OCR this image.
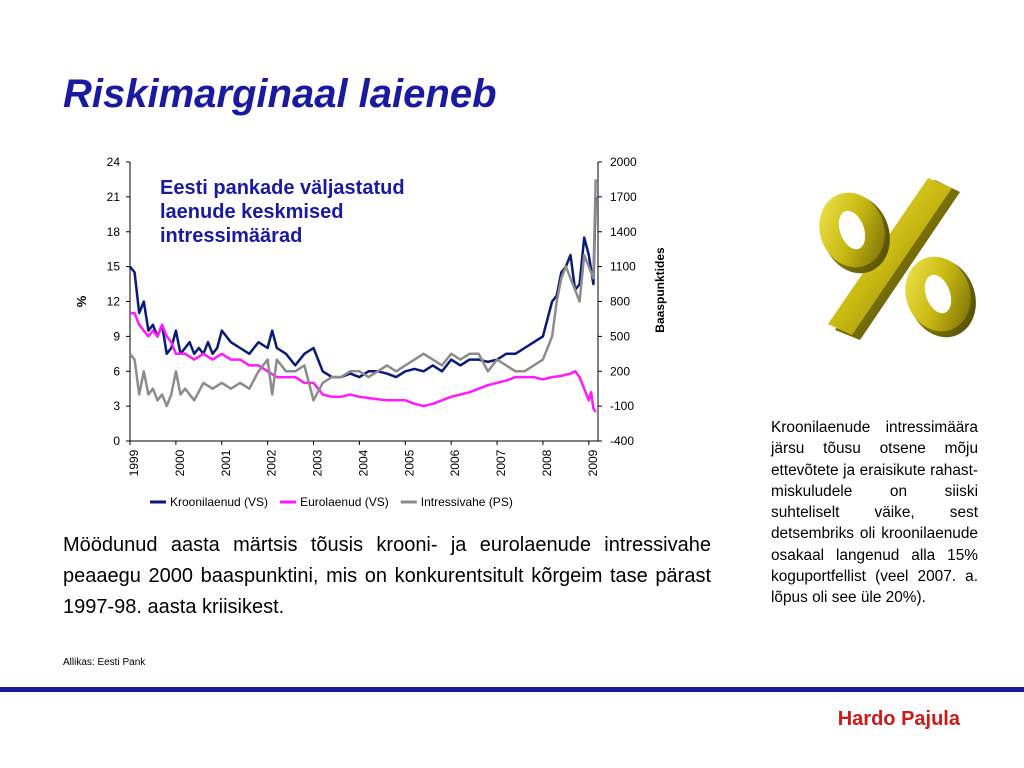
Riskimarginaal laieneb
0
3
6
9
12
15
18
21
24
-400
-100
200
500
800
1100
1400
1700
2000
1999	2000	2001	2002	2003	2004	2005	2006	2007	2008	2009
%	Baaspunktides
Kroonilaenud (VS)	Eurolaenud (VS)	Intressivahe (PS)

Eesti pankade väljastatud
laenude keskmised
intressimäärad

Möödunud aasta märtsis tõusis krooni- ja eurolaenude intressivahe peaaegu 2000 baaspunktini, mis on konkurentsitult kõrgeim tase pärast 1997-98. aasta kriisikest.

Allikas: Eesti Pank

Kroonilaenude intressimäära järsu tõusu otsene mõju ettevõtete ja eraisikute rahastmiskuludele on siiski suhteliselt väike, sest detsembriks oli kroonilaenude osakaal langenud alla 15% koguportfellist (veel 2007. a. lõpus oli see üle 20%).

Hardo Pajula
